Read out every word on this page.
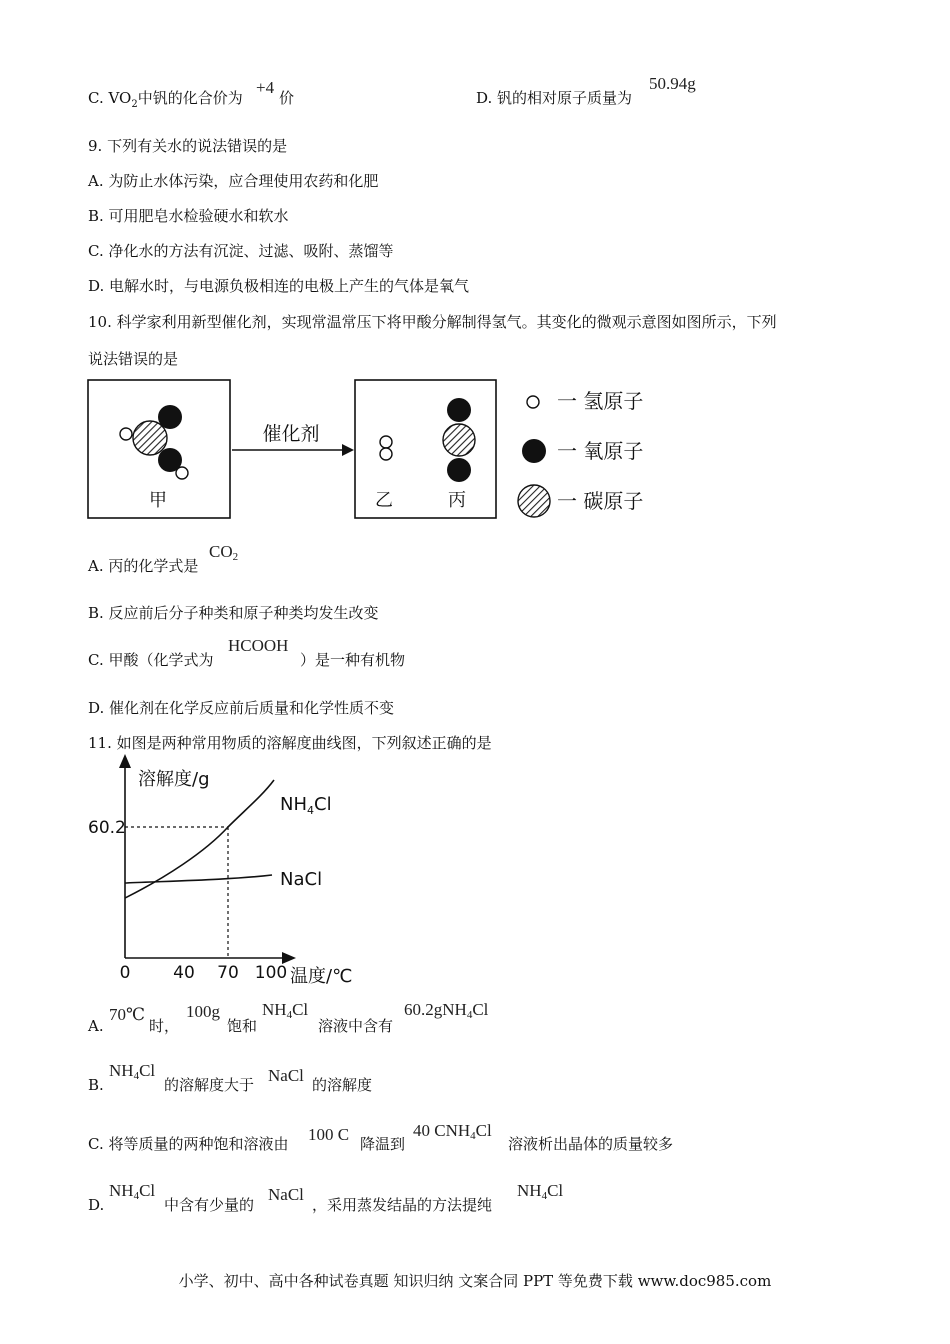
C. $VO_2$中钒的化合价为
+4
价	D. 钒的相对原子质量为
50.94g
9. 下列有关水的说法错误的是
A. 为防止水体污染，应合理使用农药和化肥
B. 可用肥皂水检验硬水和软水
C. 净化水的方法有沉淀、过滤、吸附、蒸馏等
D. 电解水时，与电源负极相连的电极上产生的气体是氧气
10. 科学家利用新型催化剂，实现常温常压下将甲酸分解制得氢气。其变化的微观示意图如图所示，下列
说法错误的是
甲
催化剂
乙	丙
一 氢原子
一 氧原子
一 碳原子
A. 丙的化学式是
$CO_2$
B. 反应前后分子种类和原子种类均发生改变
C. 甲酸（化学式为
HCOOH
）是一种有机物
D. 催化剂在化学反应前后质量和化学性质不变
11. 如图是两种常用物质的溶解度曲线图，下列叙述正确的是
溶解度/g
温度/℃
0	40 70 100
60.2
$NH_4Cl$
NaCl
A.
70℃
时，
100g
饱和
$NH_4Cl$
溶液中含有
60.2gNH$_4$Cl
B.
$NH_4Cl$
的溶解度大于 NaCl 的溶解度
C. 将等质量的两种饱和溶液由 100 C 降温到
40 $CNH_4Cl$
溶液析出晶体的质量较多
D.
$NH_4Cl$
中含有少量的
NaCl
，采用蒸发结晶的方法提纯
$NH_4Cl$
小学、初中、高中各种试卷真题 知识归纳 文案合同 PPT 等免费下载 www.doc985.com
